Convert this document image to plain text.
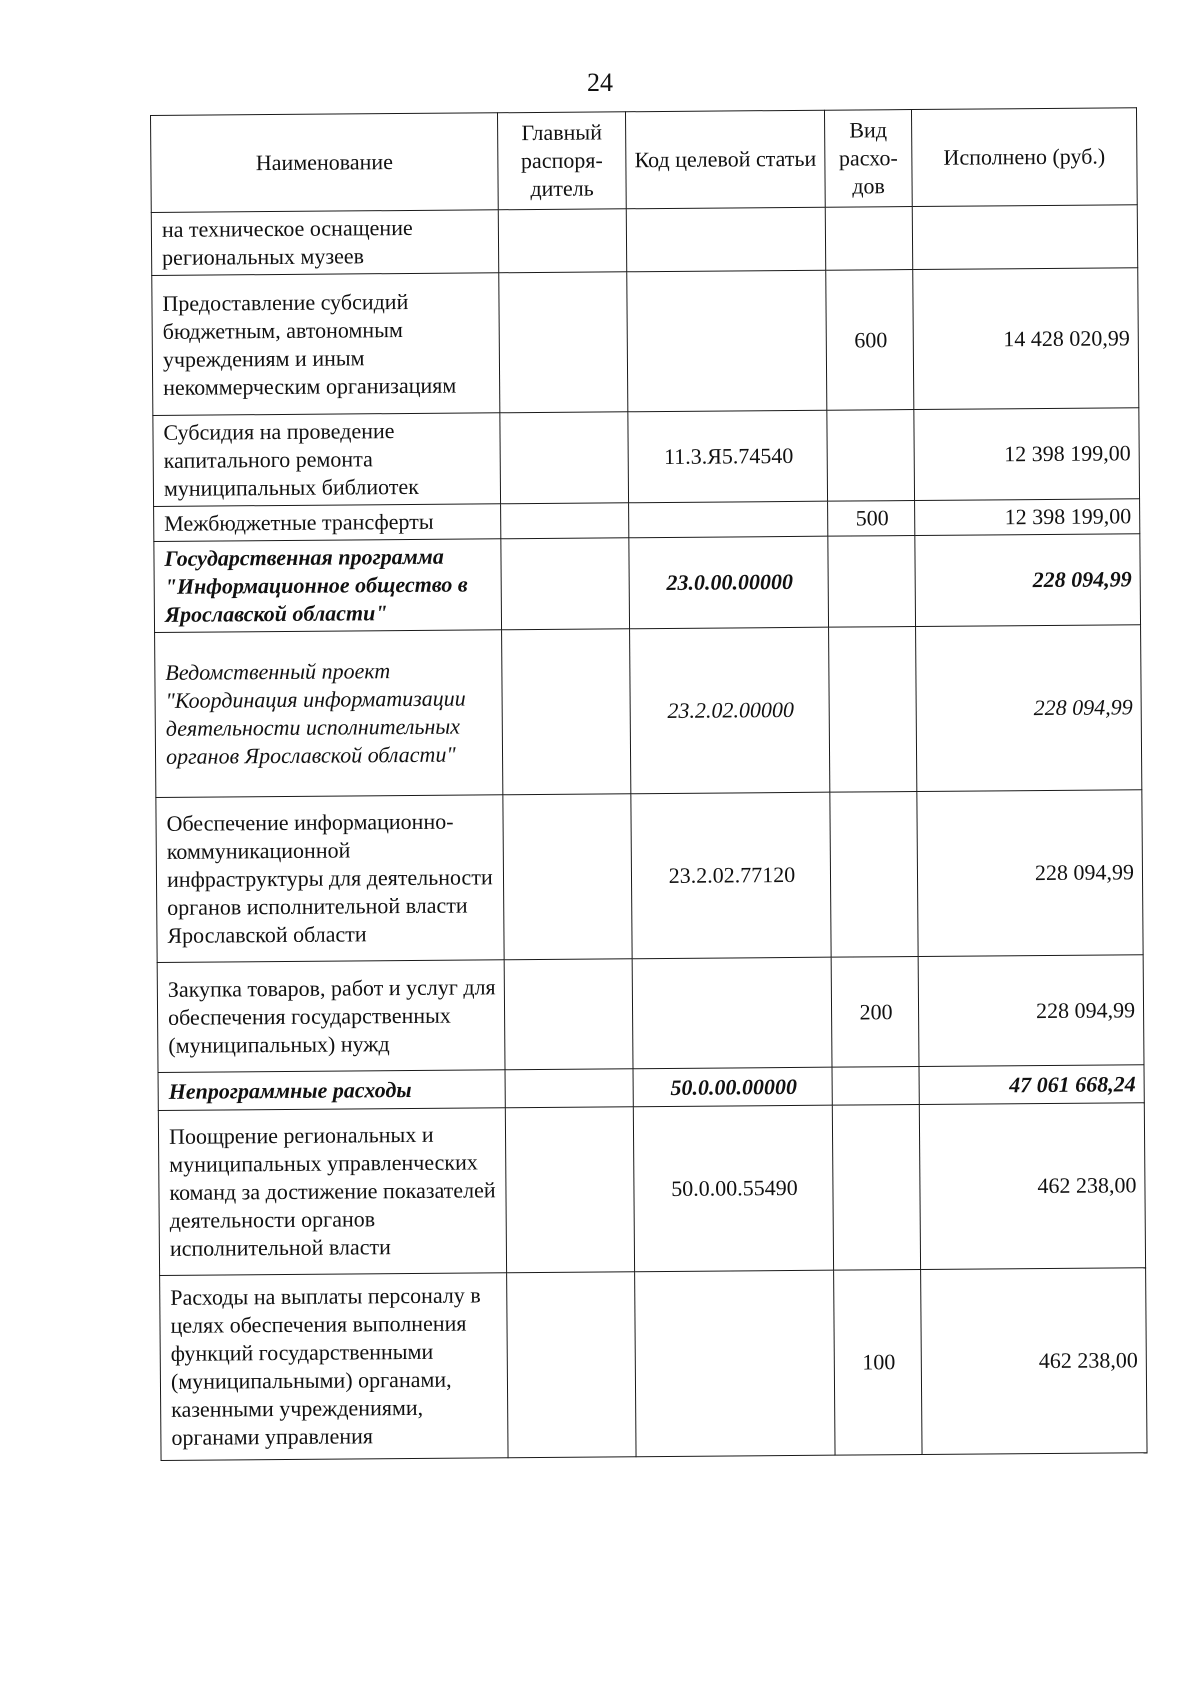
24
Наименование	Главный распоря-дитель	Код целевой статьи	Вид расхо-дов	Исполнено (руб.)
на техническое оснащение региональных музеев				
Предоставление субсидий бюджетным, автономным учреждениям и иным некоммерческим организациям			600	14 428 020,99
Субсидия на проведение капитального ремонта муниципальных библиотек		11.3.Я5.74540		12 398 199,00
Межбюджетные трансферты			500	12 398 199,00
Государственная программа "Информационное общество в Ярославской области"		23.0.00.00000		228 094,99
Ведомственный проект "Координация информатизации деятельности исполнительных органов Ярославской области"		23.2.02.00000		228 094,99
Обеспечение информационно-коммуникационной инфраструктуры для деятельности органов исполнительной власти Ярославской области		23.2.02.77120		228 094,99
Закупка товаров, работ и услуг для обеспечения государственных (муниципальных) нужд			200	228 094,99
Непрограммные расходы		50.0.00.00000		47 061 668,24
Поощрение региональных и муниципальных управленческих команд за достижение показателей деятельности органов исполнительной власти		50.0.00.55490		462 238,00
Расходы на выплаты персоналу в целях обеспечения выполнения функций государственными (муниципальными) органами, казенными учреждениями, органами управления			100	462 238,00
